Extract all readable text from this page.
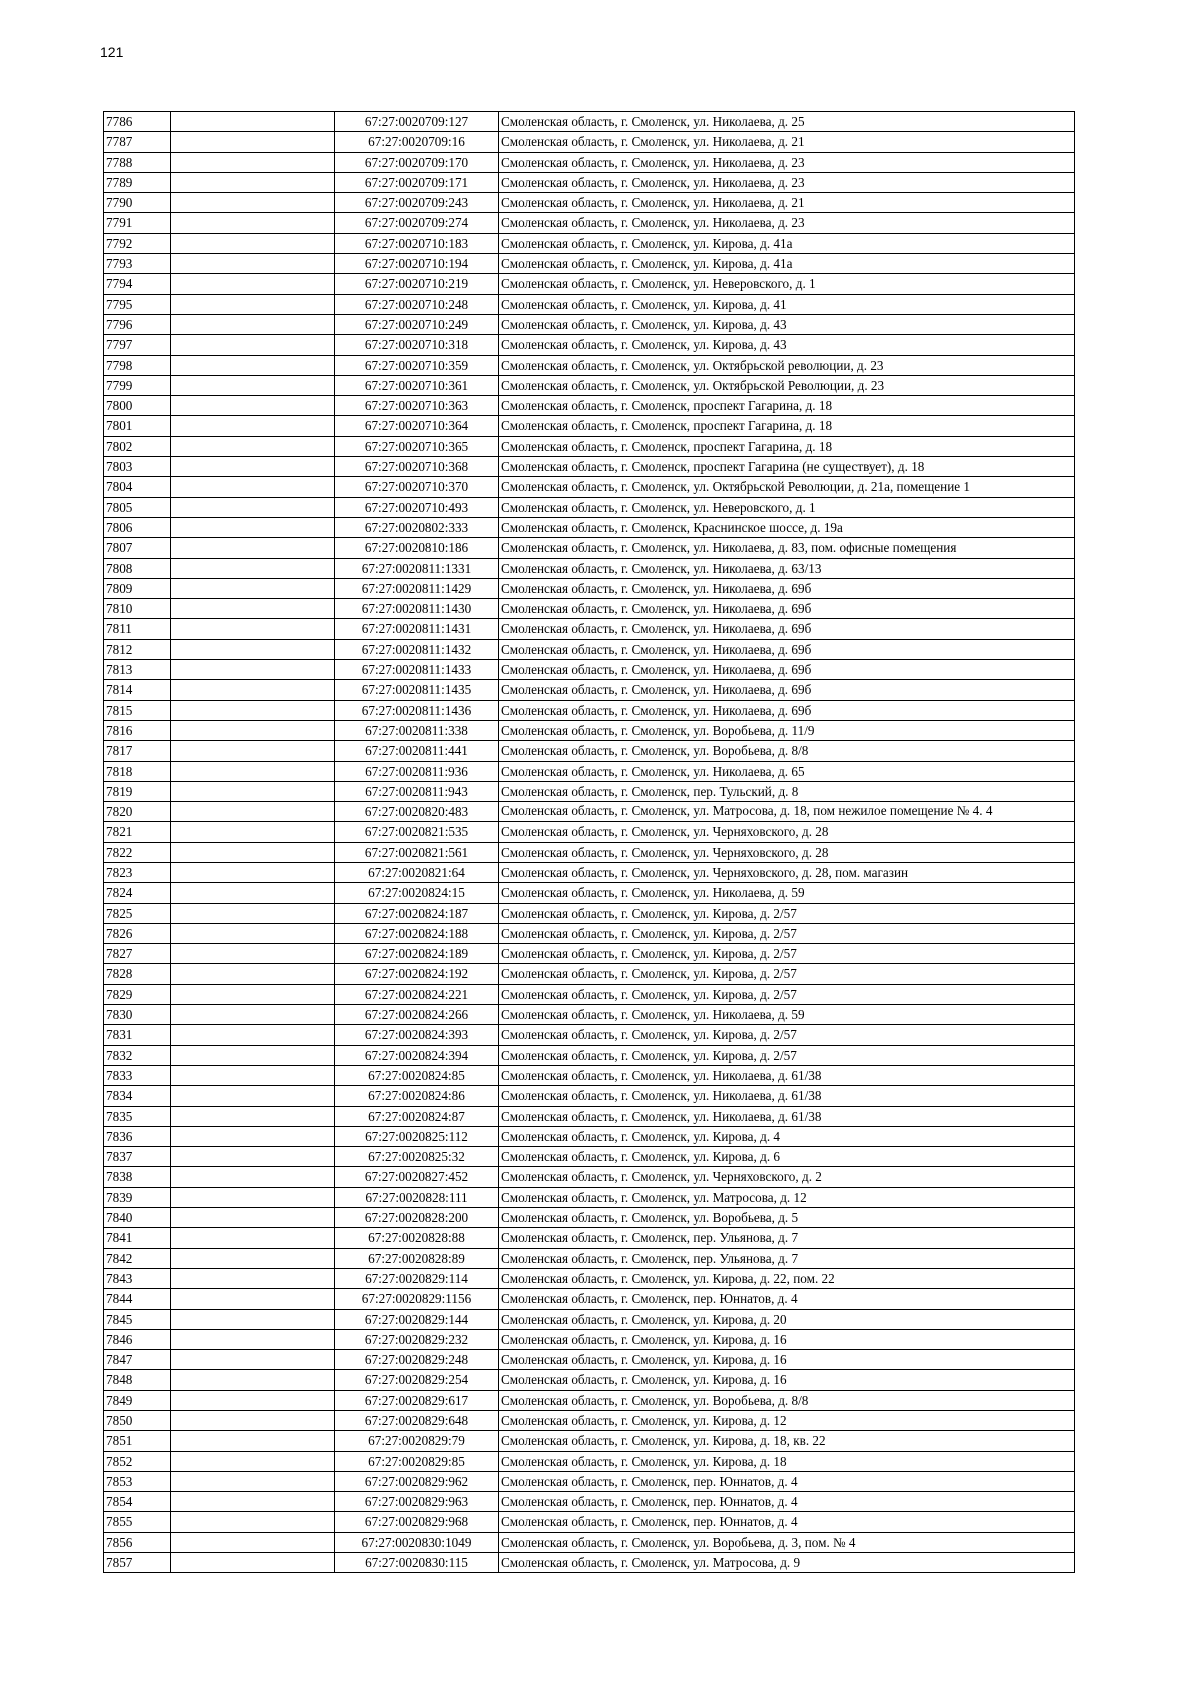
121
7786		67:27:0020709:127	Смоленская область, г. Смоленск, ул. Николаева, д. 25
7787		67:27:0020709:16	Смоленская область, г. Смоленск, ул. Николаева, д. 21
7788		67:27:0020709:170	Смоленская область, г. Смоленск, ул. Николаева, д. 23
7789		67:27:0020709:171	Смоленская область, г. Смоленск, ул. Николаева, д. 23
7790		67:27:0020709:243	Смоленская область, г. Смоленск, ул. Николаева, д. 21
7791		67:27:0020709:274	Смоленская область, г. Смоленск, ул. Николаева, д. 23
7792		67:27:0020710:183	Смоленская область, г. Смоленск, ул. Кирова, д. 41а
7793		67:27:0020710:194	Смоленская область, г. Смоленск, ул. Кирова, д. 41а
7794		67:27:0020710:219	Смоленская область, г. Смоленск, ул. Неверовского, д. 1
7795		67:27:0020710:248	Смоленская область, г. Смоленск, ул. Кирова, д. 41
7796		67:27:0020710:249	Смоленская область, г. Смоленск, ул. Кирова, д. 43
7797		67:27:0020710:318	Смоленская область, г. Смоленск, ул. Кирова, д. 43
7798		67:27:0020710:359	Смоленская область, г. Смоленск, ул. Октябрьской революции, д. 23
7799		67:27:0020710:361	Смоленская область, г. Смоленск, ул. Октябрьской Революции, д. 23
7800		67:27:0020710:363	Смоленская область, г. Смоленск, проспект Гагарина, д. 18
7801		67:27:0020710:364	Смоленская область, г. Смоленск, проспект Гагарина, д. 18
7802		67:27:0020710:365	Смоленская область, г. Смоленск, проспект Гагарина, д. 18
7803		67:27:0020710:368	Смоленская область, г. Смоленск, проспект Гагарина (не существует), д. 18
7804		67:27:0020710:370	Смоленская область, г. Смоленск, ул. Октябрьской Революции, д. 21а, помещение 1
7805		67:27:0020710:493	Смоленская область, г. Смоленск, ул. Неверовского, д. 1
7806		67:27:0020802:333	Смоленская область, г. Смоленск, Краснинское шоссе, д. 19а
7807		67:27:0020810:186	Смоленская область, г. Смоленск, ул. Николаева, д. 83, пом. офисные помещения
7808		67:27:0020811:1331	Смоленская область, г. Смоленск, ул. Николаева, д. 63/13
7809		67:27:0020811:1429	Смоленская область, г. Смоленск, ул. Николаева, д. 69б
7810		67:27:0020811:1430	Смоленская область, г. Смоленск, ул. Николаева, д. 69б
7811		67:27:0020811:1431	Смоленская область, г. Смоленск, ул. Николаева, д. 69б
7812		67:27:0020811:1432	Смоленская область, г. Смоленск, ул. Николаева, д. 69б
7813		67:27:0020811:1433	Смоленская область, г. Смоленск, ул. Николаева, д. 69б
7814		67:27:0020811:1435	Смоленская область, г. Смоленск, ул. Николаева, д. 69б
7815		67:27:0020811:1436	Смоленская область, г. Смоленск, ул. Николаева, д. 69б
7816		67:27:0020811:338	Смоленская область, г. Смоленск, ул. Воробьева, д. 11/9
7817		67:27:0020811:441	Смоленская область, г. Смоленск, ул. Воробьева, д. 8/8
7818		67:27:0020811:936	Смоленская область, г. Смоленск, ул. Николаева, д. 65
7819		67:27:0020811:943	Смоленская область, г. Смоленск, пер. Тульский, д. 8
7820		67:27:0020820:483	Смоленская область, г. Смоленск, ул. Матросова, д. 18, пом нежилое помещение № 4. 4
7821		67:27:0020821:535	Смоленская область, г. Смоленск, ул. Черняховского, д. 28
7822		67:27:0020821:561	Смоленская область, г. Смоленск, ул. Черняховского, д. 28
7823		67:27:0020821:64	Смоленская область, г. Смоленск, ул. Черняховского, д. 28, пом. магазин
7824		67:27:0020824:15	Смоленская область, г. Смоленск, ул. Николаева, д. 59
7825		67:27:0020824:187	Смоленская область, г. Смоленск, ул. Кирова, д. 2/57
7826		67:27:0020824:188	Смоленская область, г. Смоленск, ул. Кирова, д. 2/57
7827		67:27:0020824:189	Смоленская область, г. Смоленск, ул. Кирова, д. 2/57
7828		67:27:0020824:192	Смоленская область, г. Смоленск, ул. Кирова, д. 2/57
7829		67:27:0020824:221	Смоленская область, г. Смоленск, ул. Кирова, д. 2/57
7830		67:27:0020824:266	Смоленская область, г. Смоленск, ул. Николаева, д. 59
7831		67:27:0020824:393	Смоленская область, г. Смоленск, ул. Кирова, д. 2/57
7832		67:27:0020824:394	Смоленская область, г. Смоленск, ул. Кирова, д. 2/57
7833		67:27:0020824:85	Смоленская область, г. Смоленск, ул. Николаева, д. 61/38
7834		67:27:0020824:86	Смоленская область, г. Смоленск, ул. Николаева, д. 61/38
7835		67:27:0020824:87	Смоленская область, г. Смоленск, ул. Николаева, д. 61/38
7836		67:27:0020825:112	Смоленская область, г. Смоленск, ул. Кирова, д. 4
7837		67:27:0020825:32	Смоленская область, г. Смоленск, ул. Кирова, д. 6
7838		67:27:0020827:452	Смоленская область, г. Смоленск, ул. Черняховского, д. 2
7839		67:27:0020828:111	Смоленская область, г. Смоленск, ул. Матросова, д. 12
7840		67:27:0020828:200	Смоленская область, г. Смоленск, ул. Воробьева, д. 5
7841		67:27:0020828:88	Смоленская область, г. Смоленск, пер. Ульянова, д. 7
7842		67:27:0020828:89	Смоленская область, г. Смоленск, пер. Ульянова, д. 7
7843		67:27:0020829:114	Смоленская область, г. Смоленск, ул. Кирова, д. 22, пом. 22
7844		67:27:0020829:1156	Смоленская область, г. Смоленск, пер. Юннатов, д. 4
7845		67:27:0020829:144	Смоленская область, г. Смоленск, ул. Кирова, д. 20
7846		67:27:0020829:232	Смоленская область, г. Смоленск, ул. Кирова, д. 16
7847		67:27:0020829:248	Смоленская область, г. Смоленск, ул. Кирова, д. 16
7848		67:27:0020829:254	Смоленская область, г. Смоленск, ул. Кирова, д. 16
7849		67:27:0020829:617	Смоленская область, г. Смоленск, ул. Воробьева, д. 8/8
7850		67:27:0020829:648	Смоленская область, г. Смоленск, ул. Кирова, д. 12
7851		67:27:0020829:79	Смоленская область, г. Смоленск, ул. Кирова, д. 18, кв. 22
7852		67:27:0020829:85	Смоленская область, г. Смоленск, ул. Кирова, д. 18
7853		67:27:0020829:962	Смоленская область, г. Смоленск, пер. Юннатов, д. 4
7854		67:27:0020829:963	Смоленская область, г. Смоленск, пер. Юннатов, д. 4
7855		67:27:0020829:968	Смоленская область, г. Смоленск, пер. Юннатов, д. 4
7856		67:27:0020830:1049	Смоленская область, г. Смоленск, ул. Воробьева, д. 3, пом. № 4
7857		67:27:0020830:115	Смоленская область, г. Смоленск, ул. Матросова, д. 9
